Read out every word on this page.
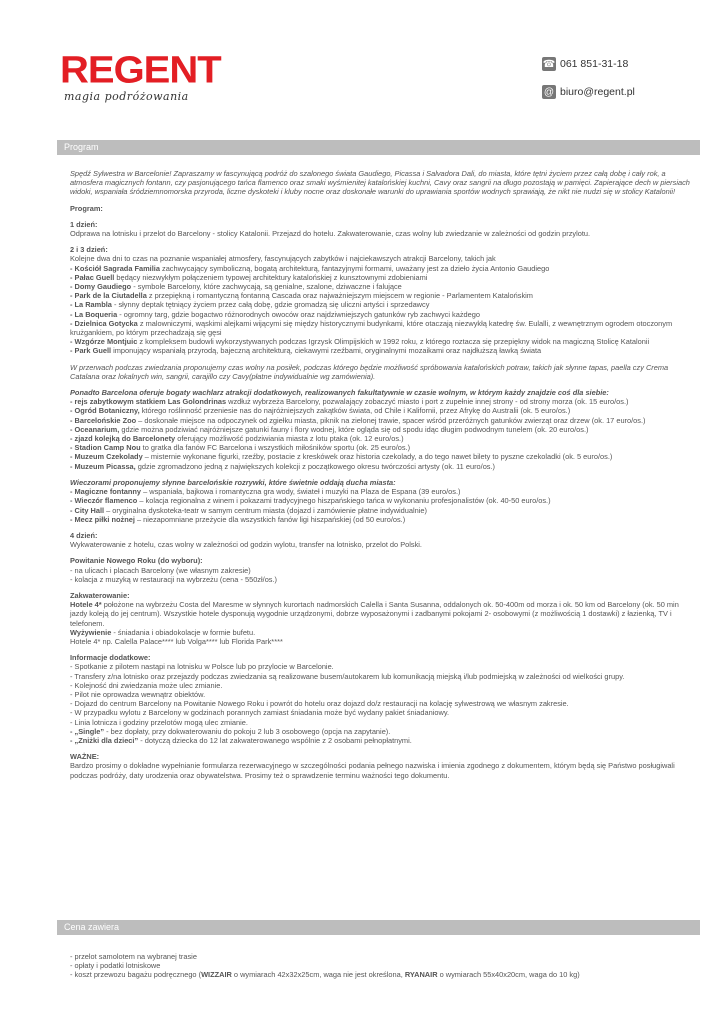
REGENT
magia podróżowania
☎ 061 851-31-18
@ biuro@regent.pl
Program

Spędź Sylwestra w Barcelonie! Zapraszamy w fascynującą podróż do szalonego świata Gaudiego, Picassa i Salvadora Dali, do miasta, które tętni życiem przez całą dobę i cały rok, a atmosfera magicznych fontann, czy pasjonującego tańca flamenco oraz smaki wyśmienitej katalońskiej kuchni, Cavy oraz sangrii na długo pozostają w pamięci. Zapierające dech w piersiach widoki, wspaniała śródziemnomorska przyroda, liczne dyskoteki i kluby nocne oraz doskonałe warunki do uprawiania sportów wodnych sprawiają, że nikt nie nudzi się w stolicy Katalonii!

Program:

1 dzień:

Odprawa na lotnisku i przelot do Barcelony - stolicy Katalonii. Przejazd do hotelu. Zakwaterowanie, czas wolny lub zwiedzanie w zależności od godzin przylotu.

2 i 3 dzień:

Kolejne dwa dni to czas na poznanie wspaniałej atmosfery, fascynujących zabytków i najciekawszych atrakcji Barcelony, takich jak

- Kościół Sagrada Familia zachwycający symboliczną, bogatą architekturą, fantazyjnymi formami, uważany jest za dzieło życia Antonio Gaudiego

- Pałac Guell będący niezwykłym połączeniem typowej architektury katalońskiej z kunsztownymi zdobieniami

- Domy Gaudiego - symbole Barcelony, które zachwycają, są genialne, szalone, dziwaczne i falujące

- Park de la Ciutadella z przepiękną i romantyczną fontanną Cascada oraz najważniejszym miejscem w regionie - Parlamentem Katalońskim

- La Rambla - słynny deptak tętniący życiem przez całą dobę, gdzie gromadzą się uliczni artyści i sprzedawcy

- La Boqueria - ogromny targ, gdzie bogactwo różnorodnych owoców oraz najdziwniejszych gatunków ryb zachwyci każdego

- Dzielnica Gotycka z malowniczymi, wąskimi alejkami wijącymi się między historycznymi budynkami, które otaczają niezwykłą katedrę św. Eulalli, z wewnętrznym ogrodem otoczonym krużgankiem, po którym przechadzają się gęsi

- Wzgórze Montjuic z kompleksem budowli wykorzystywanych podczas Igrzysk Olimpijskich w 1992 roku, z którego roztacza się przepiękny widok na magiczną Stolicę Katalonii

- Park Guell imponujący wspaniałą przyrodą, bajeczną architekturą, ciekawymi rzeźbami, oryginalnymi mozaikami oraz najdłuższą ławką świata

W przerwach podczas zwiedzania proponujemy czas wolny na posiłek, podczas którego będzie możliwość spróbowania katalońskich potraw, takich jak słynne tapas, paella czy Crema Catalana oraz lokalnych win, sangrii, carajillo czy Cavy(płatne indywidualnie wg zamówienia).

Ponadto Barcelona oferuje bogaty wachlarz atrakcji dodatkowych, realizowanych fakultatywnie w czasie wolnym, w którym każdy znajdzie coś dla siebie:

- rejs zabytkowym statkiem Las Golondrinas wzdłuż wybrzeża Barcelony, pozwalający zobaczyć miasto i port z zupełnie innej strony - od strony morza (ok. 15 euro/os.)

- Ogród Botaniczny, którego roślinność przeniesie nas do najróżniejszych zakątków świata, od Chile i Kalifornii, przez Afrykę do Australii (ok. 5 euro/os.)

- Barcelońskie Zoo – doskonałe miejsce na odpoczynek od zgiełku miasta, piknik na zielonej trawie, spacer wśród przeróżnych gatunków zwierząt oraz drzew (ok. 17 euro/os.)

- Oceanarium, gdzie można podziwiać najróżniejsze gatunki fauny i flory wodnej, które ogląda się od spodu idąc długim podwodnym tunelem (ok. 20 euro/os.)

- zjazd kolejką do Barcelonety oferujący możliwość podziwiania miasta z lotu ptaka (ok. 12 euro/os.)

- Stadion Camp Nou to gratka dla fanów FC Barcelona i wszystkich miłośników sportu (ok. 25 euro/os.)

- Muzeum Czekolady – misternie wykonane figurki, rzeźby, postacie z kreskówek oraz historia czekolady, a do tego nawet bilety to pyszne czekoladki (ok. 5 euro/os.)

- Muzeum Picassa, gdzie zgromadzono jedną z największych kolekcji z początkowego okresu twórczości artysty (ok. 11 euro/os.)

Wieczorami proponujemy słynne barcelońskie rozrywki, które świetnie oddają ducha miasta:

- Magiczne fontanny – wspaniała, bajkowa i romantyczna gra wody, świateł i muzyki na Plaza de Espana (39 euro/os.)

- Wieczór flamenco – kolacja regionalna z winem i pokazami tradycyjnego hiszpańskiego tańca w wykonaniu profesjonalistów (ok. 40-50 euro/os.)

- City Hall – oryginalna dyskoteka-teatr w samym centrum miasta (dojazd i zamówienie płatne indywidualnie)

- Mecz piłki nożnej – niezapomniane przeżycie dla wszystkich fanów ligi hiszpańskiej (od 50 euro/os.)

4 dzień:

Wykwaterowanie z hotelu, czas wolny w zależności od godzin wylotu, transfer na lotnisko, przelot do Polski.

Powitanie Nowego Roku (do wyboru):

- na ulicach i placach Barcelony (we własnym zakresie)

- kolacja z muzyką w restauracji na wybrzeżu (cena - 550zł/os.)

Zakwaterowanie:

Hotele 4* położone na wybrzeżu Costa del Maresme w słynnych kurortach nadmorskich Calella i Santa Susanna, oddalonych ok. 50-400m od morza i ok. 50 km od Barcelony (ok. 50 min jazdy koleją do jej centrum). Wszystkie hotele dysponują wygodnie urządzonymi, dobrze wyposażonymi i zadbanymi pokojami 2- osobowymi (z możliwością 1 dostawki) z łazienką, TV i telefonem.

Wyżywienie - śniadania i obiadokolacje w formie bufetu.

Hotele 4* np. Calella Palace**** lub Volga**** lub Florida Park****

Informacje dodatkowe:

- Spotkanie z pilotem nastąpi na lotnisku w Polsce lub po przylocie w Barcelonie.

- Transfery z/na lotnisko oraz przejazdy podczas zwiedzania są realizowane busem/autokarem lub komunikacją miejską i/lub podmiejską w zależności od wielkości grupy.

- Kolejność dni zwiedzania może ulec zmianie.

- Pilot nie oprowadza wewnątrz obiektów.

- Dojazd do centrum Barcelony na Powitanie Nowego Roku i powrót do hotelu oraz dojazd do/z restauracji na kolację sylwestrową we własnym zakresie.

- W przypadku wylotu z Barcelony w godzinach porannych zamiast śniadania może być wydany pakiet śniadaniowy.

- Linia lotnicza i godziny przelotów mogą ulec zmianie.

- „Single” - bez dopłaty, przy dokwaterowaniu do pokoju 2 lub 3 osobowego (opcja na zapytanie).

- „Zniżki dla dzieci” - dotyczą dziecka do 12 lat zakwaterowanego wspólnie z 2 osobami pełnopłatnymi.

WAŻNE:

Bardzo prosimy o dokładne wypełnianie formularza rezerwacyjnego w szczególności podania pełnego nazwiska i imienia zgodnego z dokumentem, którym będą się Państwo posługiwali podczas podróży, daty urodzenia oraz obywatelstwa. Prosimy też o sprawdzenie terminu ważności tego dokumentu.

Cena zawiera

- przelot samolotem na wybranej trasie

- opłaty i podatki lotniskowe

- koszt przewozu bagażu podręcznego (WIZZAIR o wymiarach 42x32x25cm, waga nie jest określona, RYANAIR o wymiarach 55x40x20cm, waga do 10 kg)
